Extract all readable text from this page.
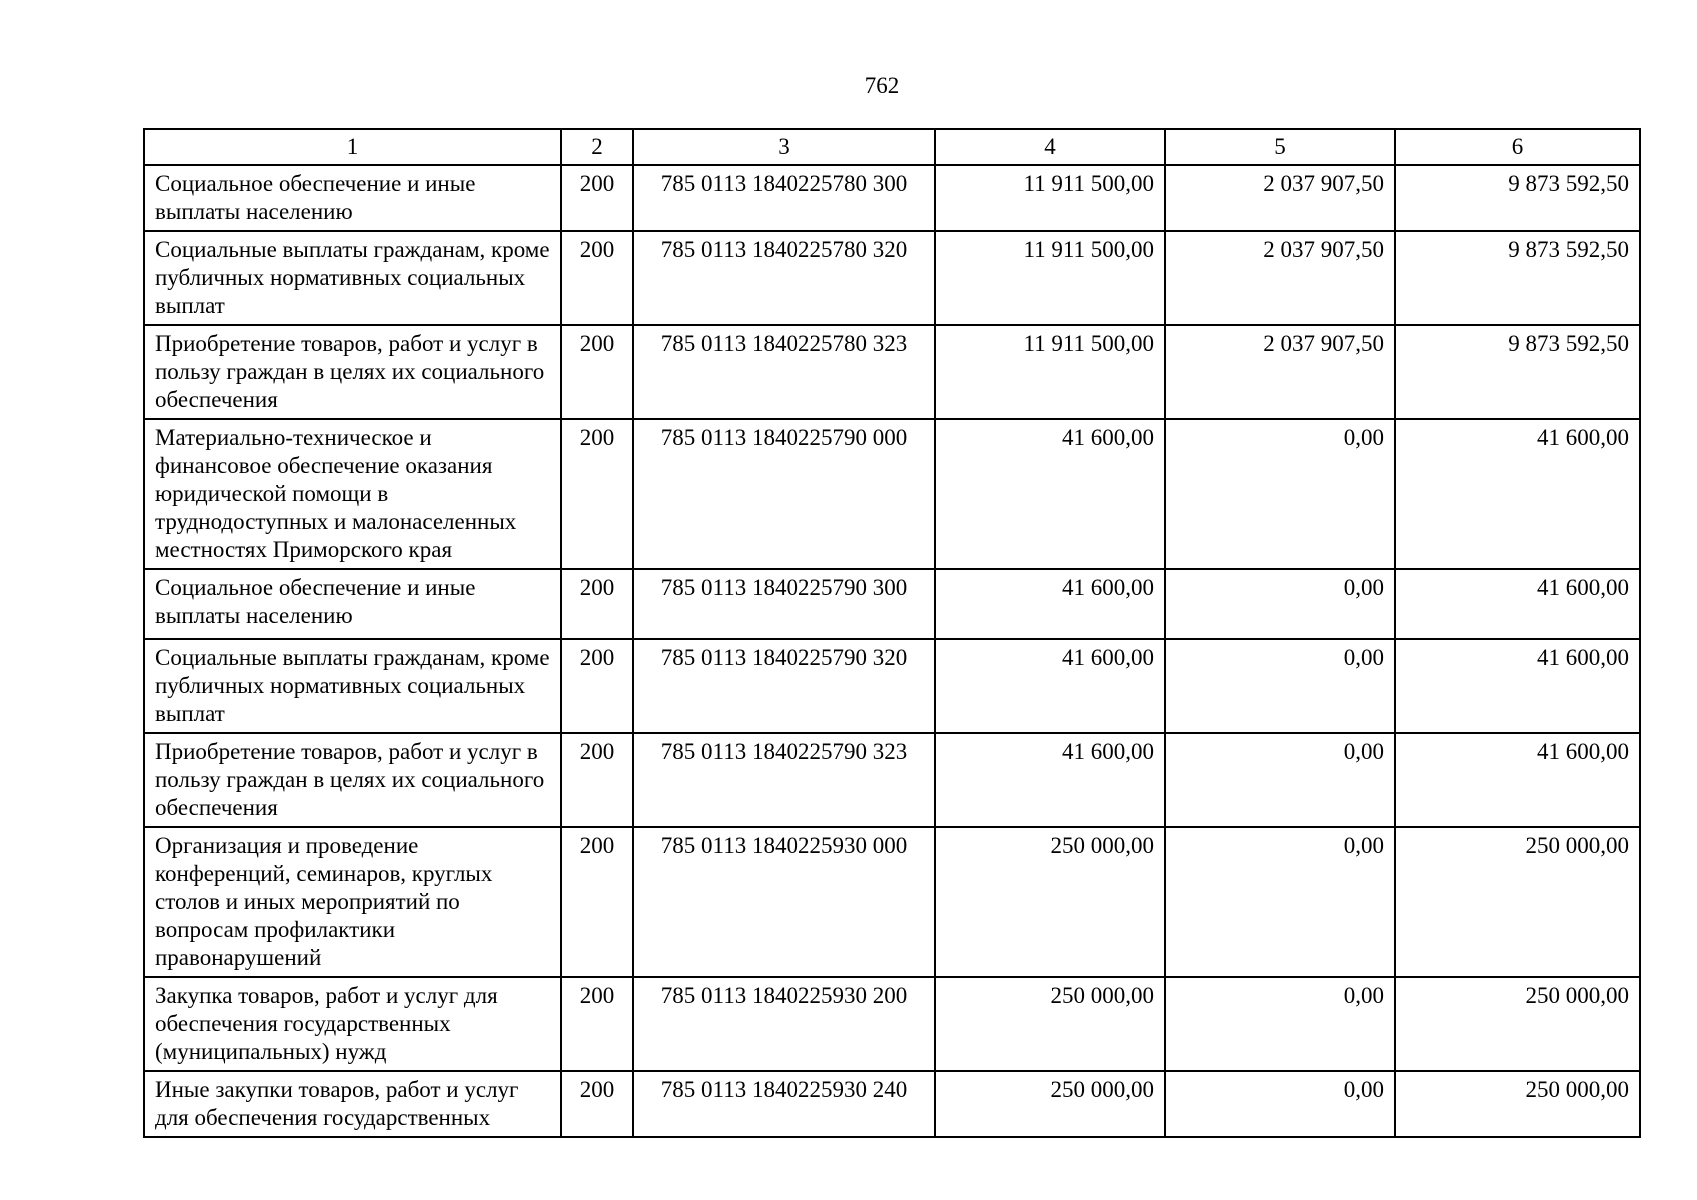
762
1	2	3	4	5	6
Социальное обеспечение и иные выплаты населению	200	785 0113 1840225780 300	11 911 500,00	2 037 907,50	9 873 592,50
Социальные выплаты гражданам, кроме публичных нормативных социальных выплат	200	785 0113 1840225780 320	11 911 500,00	2 037 907,50	9 873 592,50
Приобретение товаров, работ и услуг в пользу граждан в целях их социального обеспечения	200	785 0113 1840225780 323	11 911 500,00	2 037 907,50	9 873 592,50
Материально-техническое и финансовое обеспечение оказания юридической помощи в труднодоступных и малонаселенных местностях Приморского края	200	785 0113 1840225790 000	41 600,00	0,00	41 600,00
Социальное обеспечение и иные выплаты населению	200	785 0113 1840225790 300	41 600,00	0,00	41 600,00
Социальные выплаты гражданам, кроме публичных нормативных социальных выплат	200	785 0113 1840225790 320	41 600,00	0,00	41 600,00
Приобретение товаров, работ и услуг в пользу граждан в целях их социального обеспечения	200	785 0113 1840225790 323	41 600,00	0,00	41 600,00
Организация и проведение конференций, семинаров, круглых столов и иных мероприятий по вопросам профилактики правонарушений	200	785 0113 1840225930 000	250 000,00	0,00	250 000,00
Закупка товаров, работ и услуг для обеспечения государственных (муниципальных) нужд	200	785 0113 1840225930 200	250 000,00	0,00	250 000,00
Иные закупки товаров, работ и услуг для обеспечения государственных	200	785 0113 1840225930 240	250 000,00	0,00	250 000,00
